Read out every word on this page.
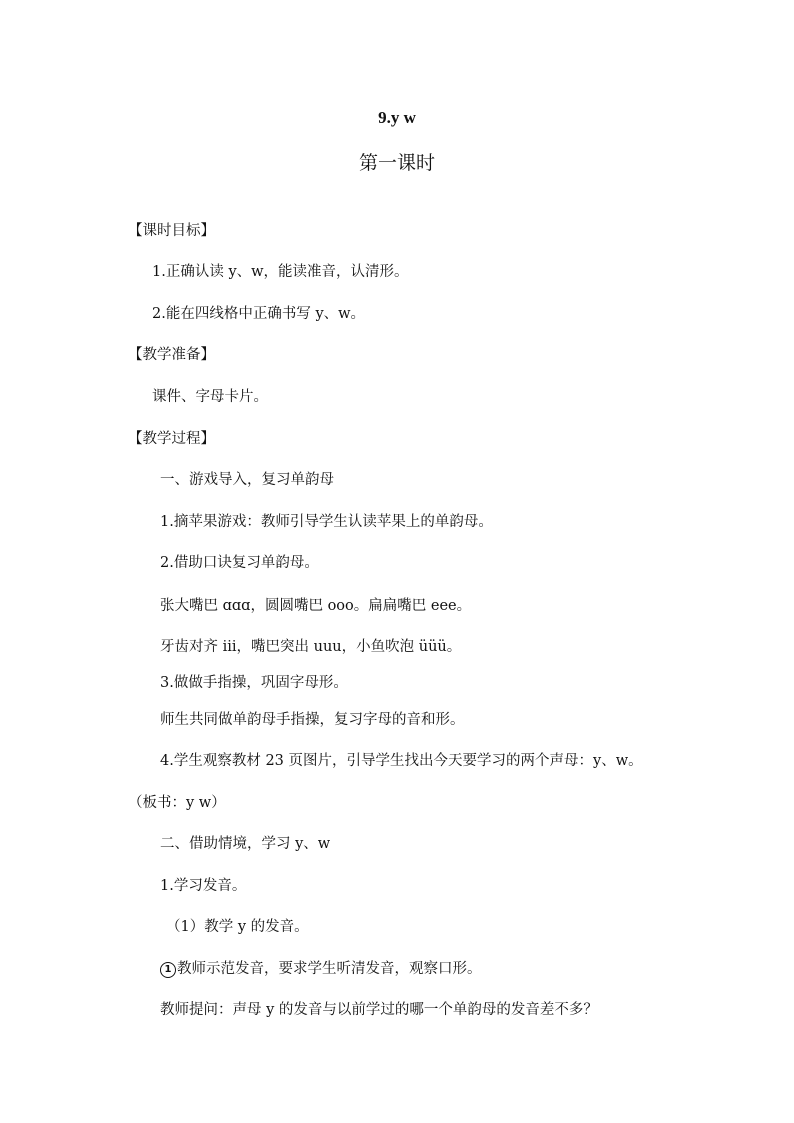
9.y w
第一课时
【课时目标】
1.正确认读 y、w，能读准音，认清形。
2.能在四线格中正确书写 y、w。
【教学准备】
课件、字母卡片。
【教学过程】
一、游戏导入，复习单韵母
1.摘苹果游戏：教师引导学生认读苹果上的单韵母。
2.借助口诀复习单韵母。
张大嘴巴 ɑɑɑ，圆圆嘴巴 ooo。扁扁嘴巴 eee。
牙齿对齐 iii，嘴巴突出 uuu，小鱼吹泡 üüü。
3.做做手指操，巩固字母形。
师生共同做单韵母手指操，复习字母的音和形。
4.学生观察教材 23 页图片，引导学生找出今天要学习的两个声母：y、w。
（板书：y w）
二、借助情境，学习 y、w
1.学习发音。
（1）教学 y 的发音。
1 教师示范发音，要求学生听清发音，观察口形。
教师提问：声母 y 的发音与以前学过的哪一个单韵母的发音差不多？
